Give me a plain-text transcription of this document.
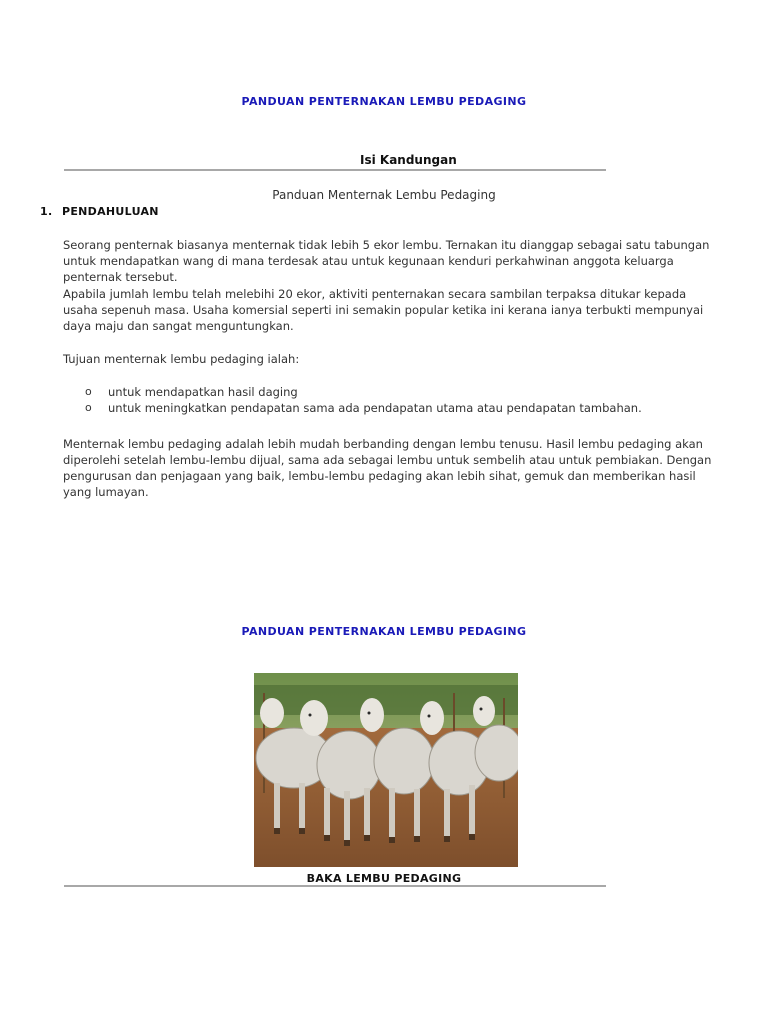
PANDUAN PENTERNAKAN LEMBU PEDAGING
Isi Kandungan
Panduan Menternak Lembu Pedaging
1. PENDAHULUAN

Seorang penternak biasanya menternak tidak lebih 5 ekor lembu. Ternakan itu dianggap sebagai satu tabungan untuk mendapatkan wang di mana terdesak atau untuk kegunaan kenduri perkahwinan anggota keluarga penternak tersebut.

Apabila jumlah lembu telah melebihi 20 ekor, aktiviti penternakan secara sambilan terpaksa ditukar kepada usaha sepenuh masa. Usaha komersial seperti ini semakin popular ketika ini kerana ianya terbukti mempunyai daya maju dan sangat menguntungkan.

Tujuan menternak lembu pedaging ialah:

o untuk mendapatkan hasil daging
o untuk meningkatkan pendapatan sama ada pendapatan utama atau pendapatan tambahan.

Menternak lembu pedaging adalah lebih mudah berbanding dengan lembu tenusu. Hasil lembu pedaging akan diperolehi setelah lembu-lembu dijual, sama ada sebagai lembu untuk sembelih atau untuk pembiakan. Dengan pengurusan dan penjagaan yang baik, lembu-lembu pedaging akan lebih sihat, gemuk dan memberikan hasil yang lumayan.

PANDUAN PENTERNAKAN LEMBU PEDAGING
BAKA LEMBU PEDAGING
